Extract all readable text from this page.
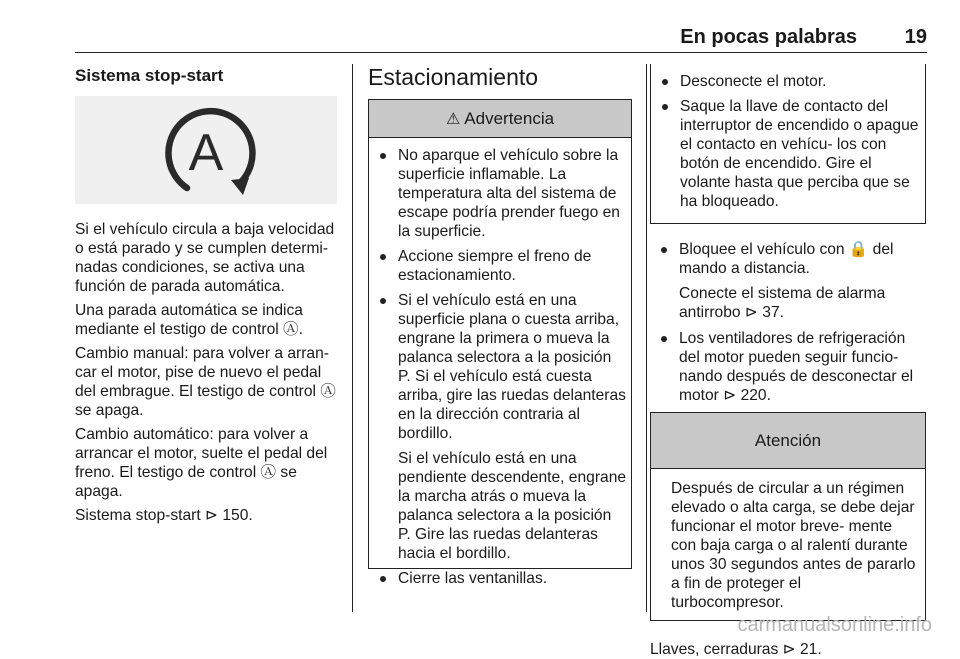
En pocas palabras 19
Sistema stop-start
A

Si el vehículo circula a baja velocidad o está parado y se cumplen determi- nadas condiciones, se activa una función de parada automática.

Una parada automática se indica mediante el testigo de control Ⓐ.

Cambio manual: para volver a arran- car el motor, pise de nuevo el pedal del embrague. El testigo de control Ⓐ se apaga.

Cambio automático: para volver a arrancar el motor, suelte el pedal del freno. El testigo de control Ⓐ se apaga.

Sistema stop-start ⊳ 150.

Estacionamiento
⚠ Advertencia
No aparque el vehículo sobre la superficie inflamable. La temperatura alta del sistema de escape podría prender fuego en la superficie.
Accione siempre el freno de estacionamiento.
Si el vehículo está en una superficie plana o cuesta arriba, engrane la primera o mueva la palanca selectora a la posición P. Si el vehículo está cuesta arriba, gire las ruedas delanteras en la dirección contraria al bordillo.
Si el vehículo está en una pendiente descendente, engrane la marcha atrás o mueva la palanca selectora a la posición P. Gire las ruedas delanteras hacia el bordillo.
Cierre las ventanillas.
Desconecte el motor.
Saque la llave de contacto del interruptor de encendido o apague el contacto en vehícu- los con botón de encendido. Gire el volante hasta que perciba que se ha bloqueado.
Bloquee el vehículo con 🔒 del mando a distancia.
Conecte el sistema de alarma antirrobo ⊳ 37.
Los ventiladores de refrigeración del motor pueden seguir funcio- nando después de desconectar el motor ⊳ 220.
Atención

Después de circular a un régimen elevado o alta carga, se debe dejar funcionar el motor breve- mente con baja carga o al ralentí durante unos 30 segundos antes de pararlo a fin de proteger el turbocompresor.

Llaves, cerraduras ⊳ 21.

carmanualsonline.info
